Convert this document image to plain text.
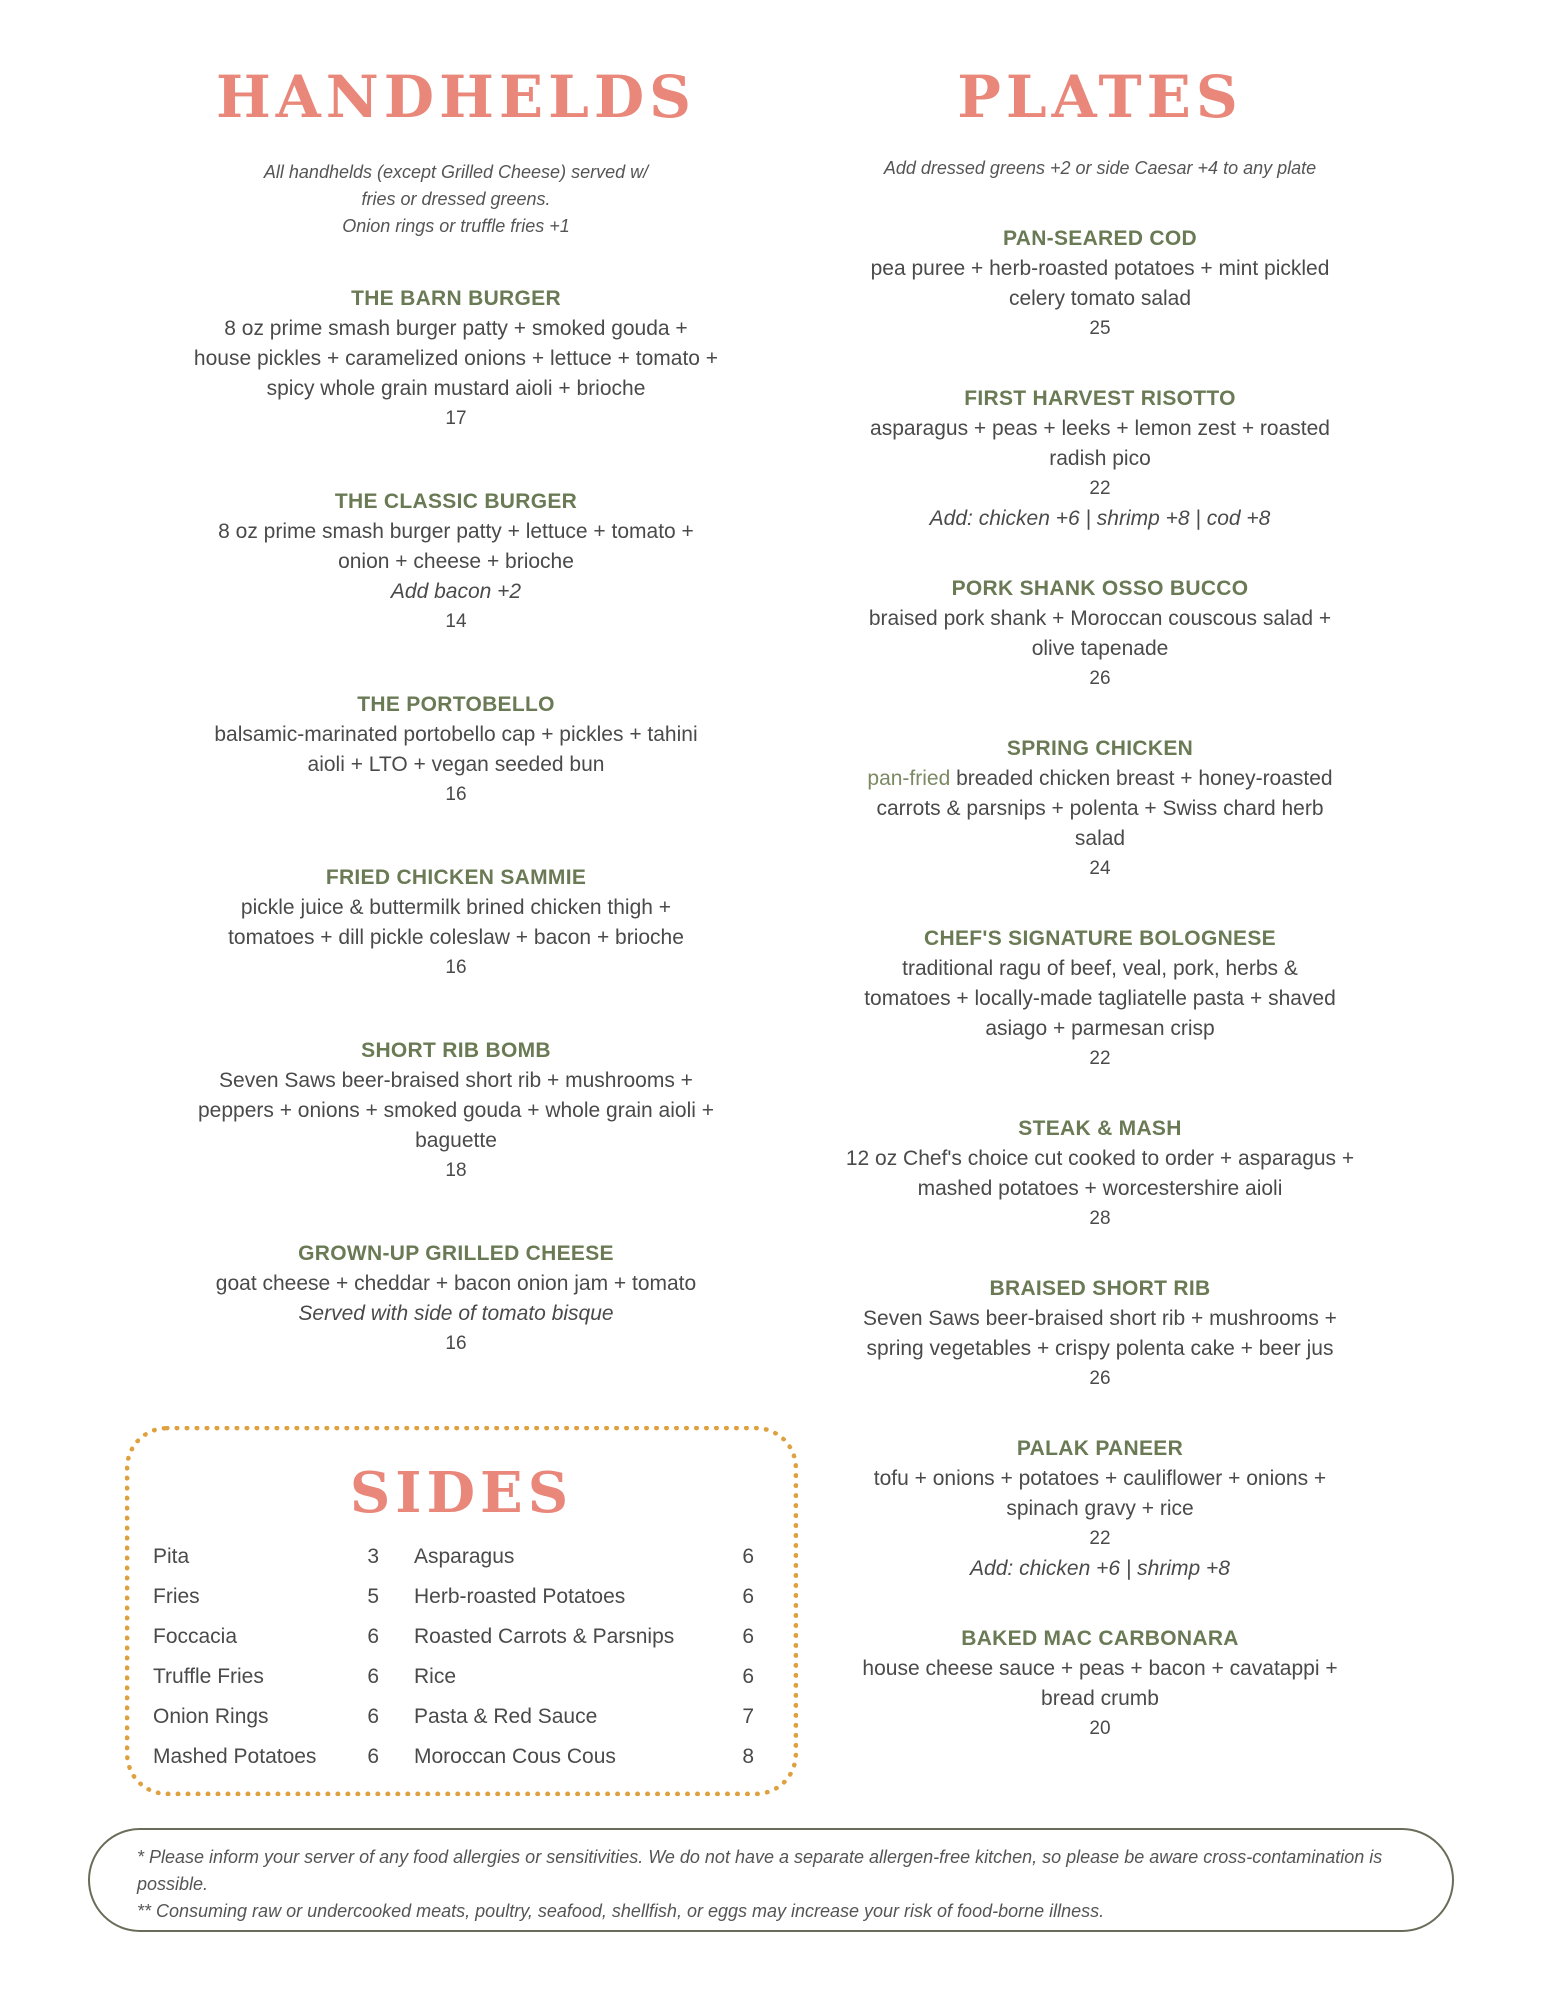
HANDHELDS
All handhelds (except Grilled Cheese) served w/
fries or dressed greens.
Onion rings or truffle fries +1
THE BARN BURGER
8 oz prime smash burger patty + smoked gouda +
house pickles + caramelized onions + lettuce + tomato +
spicy whole grain mustard aioli + brioche
17
THE CLASSIC BURGER
8 oz prime smash burger patty + lettuce + tomato +
onion + cheese + brioche
Add bacon +2
14
THE PORTOBELLO
balsamic-marinated portobello cap + pickles + tahini
aioli + LTO + vegan seeded bun
16
FRIED CHICKEN SAMMIE
pickle juice & buttermilk brined chicken thigh +
tomatoes + dill pickle coleslaw + bacon + brioche
16
SHORT RIB BOMB
Seven Saws beer-braised short rib + mushrooms +
peppers + onions + smoked gouda + whole grain aioli +
baguette
18
GROWN-UP GRILLED CHEESE
goat cheese + cheddar + bacon onion jam + tomato
Served with side of tomato bisque
16
PLATES
Add dressed greens +2 or side Caesar +4 to any plate
PAN-SEARED COD
pea puree + herb-roasted potatoes + mint pickled
celery tomato salad
25
FIRST HARVEST RISOTTO
asparagus + peas + leeks + lemon zest + roasted
radish pico
22
Add: chicken +6 | shrimp +8 | cod +8
PORK SHANK OSSO BUCCO
braised pork shank + Moroccan couscous salad +
olive tapenade
26
SPRING CHICKEN
pan-fried breaded chicken breast + honey-roasted
carrots & parsnips + polenta + Swiss chard herb
salad
24
CHEF'S SIGNATURE BOLOGNESE
traditional ragu of beef, veal, pork, herbs &
tomatoes + locally-made tagliatelle pasta + shaved
asiago + parmesan crisp
22
STEAK & MASH
12 oz Chef's choice cut cooked to order + asparagus +
mashed potatoes + worcestershire aioli
28
BRAISED SHORT RIB
Seven Saws beer-braised short rib + mushrooms +
spring vegetables + crispy polenta cake + beer jus
26
PALAK PANEER
tofu + onions + potatoes + cauliflower + onions +
spinach gravy + rice
22
Add: chicken +6 | shrimp +8
BAKED MAC CARBONARA
house cheese sauce + peas + bacon + cavatappi +
bread crumb
20
SIDES
Pita	3
Fries	5
Foccacia	6
Truffle Fries	6
Onion Rings	6
Mashed Potatoes 6
Asparagus	6
Herb-roasted Potatoes	6
Roasted Carrots & Parsnips	6
Rice	6
Pasta & Red Sauce	7
Moroccan Cous Cous	8

* Please inform your server of any food allergies or sensitivities. We do not have a separate allergen-free kitchen, so please be aware cross-contamination is possible.

** Consuming raw or undercooked meats, poultry, seafood, shellfish, or eggs may increase your risk of food-borne illness.
